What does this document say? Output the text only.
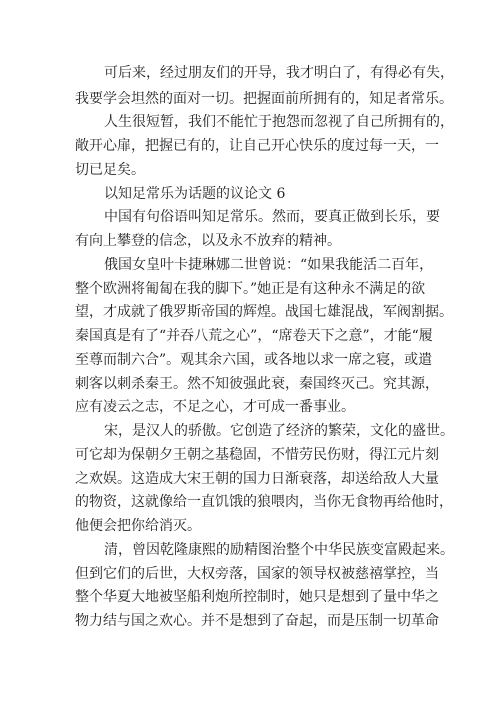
可后来，经过朋友们的开导，我才明白了，有得必有失，
我要学会坦然的面对一切。把握面前所拥有的，知足者常乐。
人生很短暂，我们不能忙于抱怨而忽视了自己所拥有的，
敞开心扉，把握已有的，让自己开心快乐的度过每一天，一
切已足矣。
以知足常乐为话题的议论文 6
中国有句俗语叫知足常乐。然而，要真正做到长乐，要
有向上攀登的信念，以及永不放弃的精神。
俄国女皇叶卡捷琳娜二世曾说：“如果我能活二百年，
整个欧洲将匍匐在我的脚下。”她正是有这种永不满足的欲
望，才成就了俄罗斯帝国的辉煌。战国七雄混战，军阀割据。
秦国真是有了“并吞八荒之心”，“席卷天下之意”，才能“履
至尊而制六合”。观其余六国，或各地以求一席之寝，或遣
刺客以刺杀秦王。然不知彼强此衰，秦国终灭己。究其源，
应有凌云之志，不足之心，才可成一番事业。
宋，是汉人的骄傲。它创造了经济的繁荣，文化的盛世。
可它却为保朝夕王朝之基稳固，不惜劳民伤财，得江元片刻
之欢娱。这造成大宋王朝的国力日渐衰落，却送给敌人大量
的物资，这就像给一直饥饿的狼喂肉，当你无食物再给他时，
他便会把你给消灭。
清，曾因乾隆康熙的励精图治整个中华民族变富殿起来。
但到它们的后世，大权旁落，国家的领导权被慈禧掌控，当
整个华夏大地被坚船利炮所控制时，她只是想到了量中华之
物力结与国之欢心。并不是想到了奋起，而是压制一切革命
